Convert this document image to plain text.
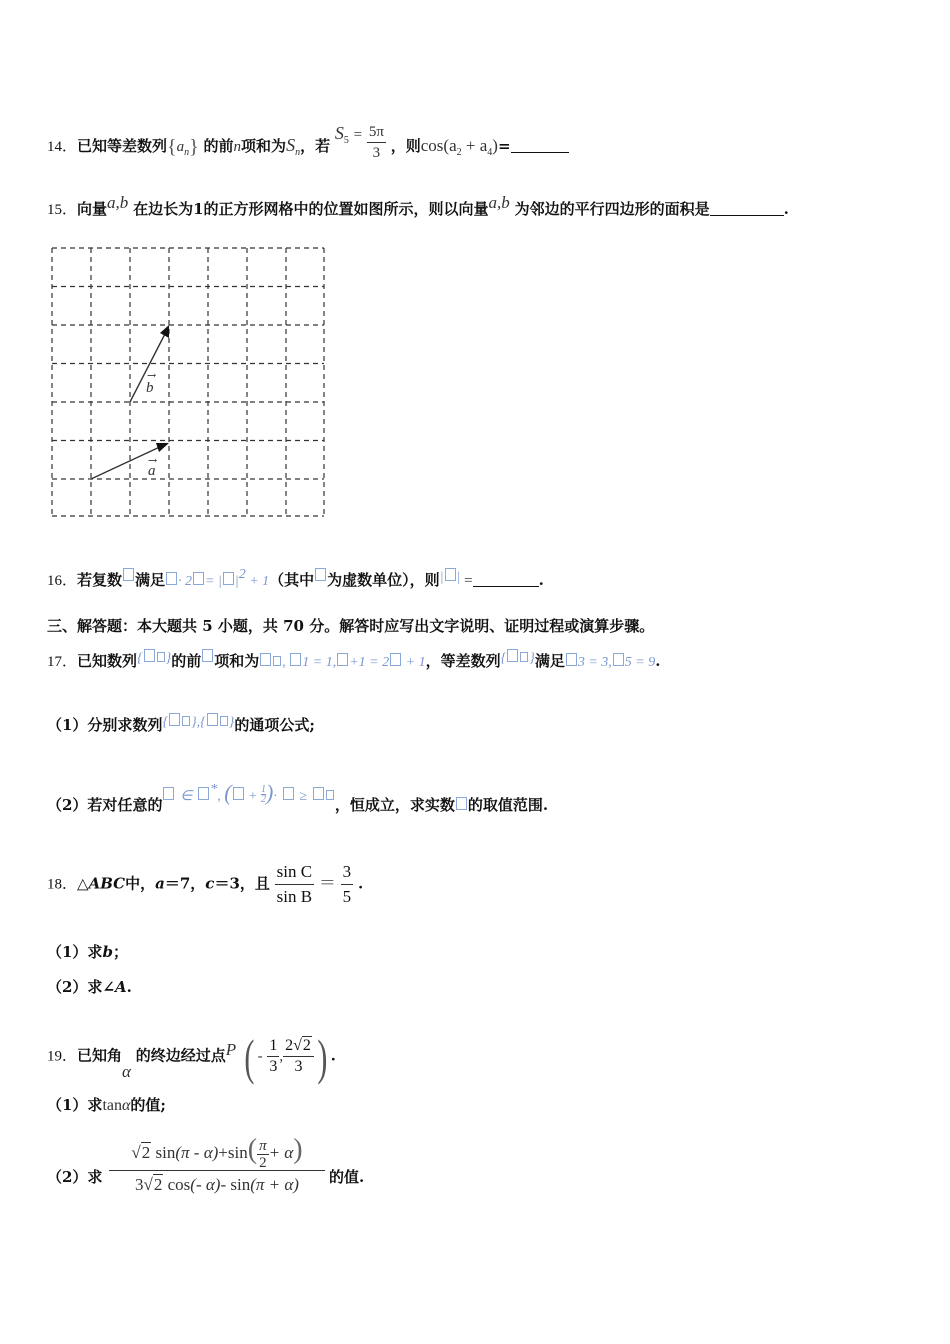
14．已知等差数列$\{a_n\}$ 的前n项和为$S_n$，若 $S_5 = \frac{5\pi}{3}$ ，则$\cos(a_2 + a_4)=$
15．向量a,b 在边长为1的正方形网格中的位置如图所示，则以向量a,b 为邻边的平行四边形的面积是	.
→
b
→
a
16．若复数 满足 · 2 = | |2 + 1（其中 为虚数单位），则| | =	.
三、解答题：本大题共 5 小题，共 70 分。解答时应写出文字说明、证明过程或演算步骤。
17．已知数列{ }的前 项和为 , 1 = 1, +1 = 2 + 1，等差数列{ }满足 3 = 3, 5 = 9.
（1）分别求数列{ },{ }的通项公式;
（2）若对任意的 ∈ *, ( + $\frac{1}{2}$ )· ≥ ，恒成立，求实数 的取值范围.
18．△ABC中，a＝7，c＝3，且 $\frac{\text{sin C}}{\text{sin B}} = \frac{3}{5}$ .
（1）求b；
（2）求∠A.
19．已知角α 的终边经过点P ( - $\frac{1}{3}$ , $\frac{2√2}{3}$ ) .
（1）求tanα的值;
（2）求 $\frac{√2 \sin(\pi - \alpha)+\sin( \frac{\pi}{2} + \alpha)}{3√2 \cos(- \alpha)- \sin(\pi + \alpha)}$ 的值.
